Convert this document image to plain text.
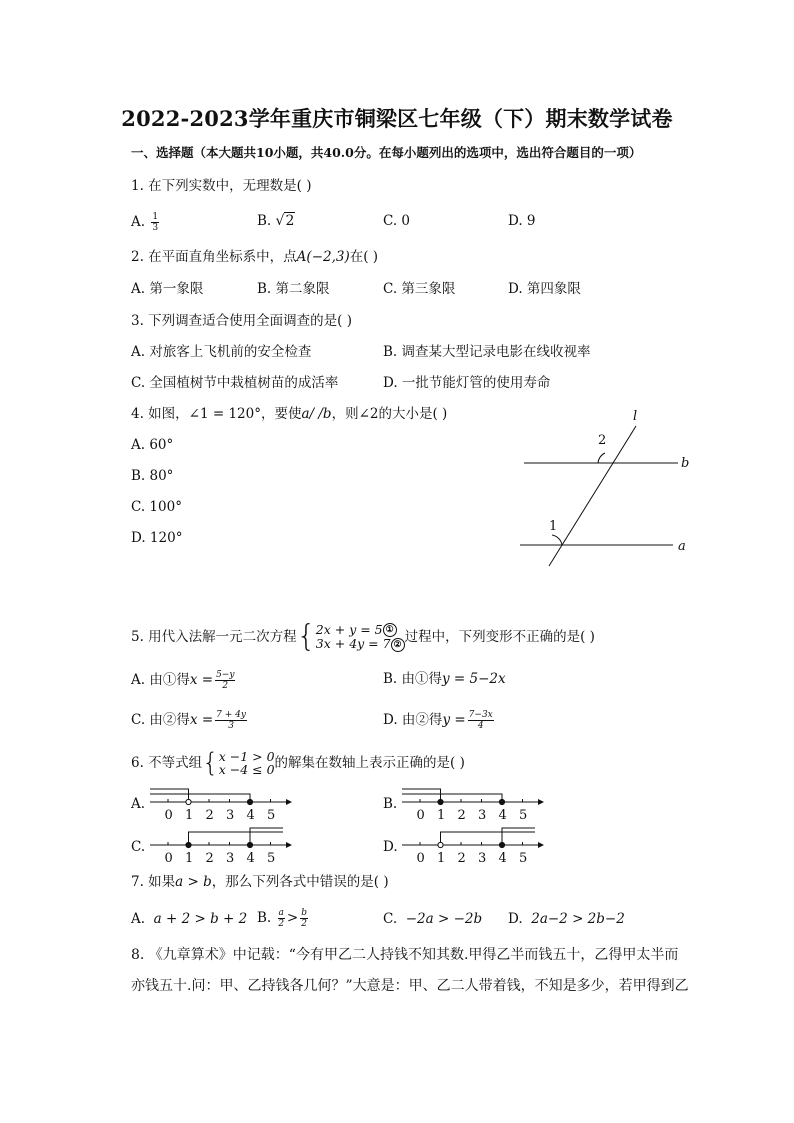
2022-2023学年重庆市铜梁区七年级（下）期末数学试卷
一、选择题（本大题共10小题，共40.0分。在每小题列出的选项中，选出符合题目的一项）
1. 在下列实数中，无理数是( )
A. $\frac{1}{3}$	B. √2	C. 0	D. 9
2. 在平面直角坐标系中，点A(−2,3)在( )
A. 第一象限	B. 第二象限	C. 第三象限	D. 第四象限
3. 下列调查适合使用全面调查的是( )
A. 对旅客上飞机前的安全检查	B. 调查某大型记录电影在线收视率
C. 全国植树节中栽植树苗的成活率	D. 一批节能灯管的使用寿命
4. 如图，∠1 = 120°，要使a/ /b，则∠2的大小是( )
A. 60°
B. 80°
C. 100°
D. 120°
l
b
a
2
1
5. 用代入法解一元二次方程 { 2x + y = 5 ①
3x + 4y = 7 ② 过程中，下列变形不正确的是( )
A. 由①得 $x = \frac{5-y}{2}$	B. 由①得y = 5−2x
C. 由②得 $x = \frac{7 + 4y}{3}$	D. 由②得 $y = \frac{7-3x}{4}$
6. 不等式组 { x −1 > 0
x −4 ≤ 0 的解集在数轴上表示正确的是( )
A.	B.
C.	D.
0 1 2 3 4 5	0 1 2 3 4 5
0 1 2 3 4 5	0 1 2 3 4 5
7. 如果a > b，那么下列各式中错误的是( )
A. a + 2 > b + 2 B.
$\frac{a}{2} > \frac{b}{2}$	C. −2a > −2b D. 2a−2 > 2b−2
8. 《九章算术》中记载：“今有甲乙二人持钱不知其数.甲得乙半而钱五十，乙得甲太半而
亦钱五十.问：甲、乙持钱各几何？”大意是：甲、乙二人带着钱，不知是多少，若甲得到乙
